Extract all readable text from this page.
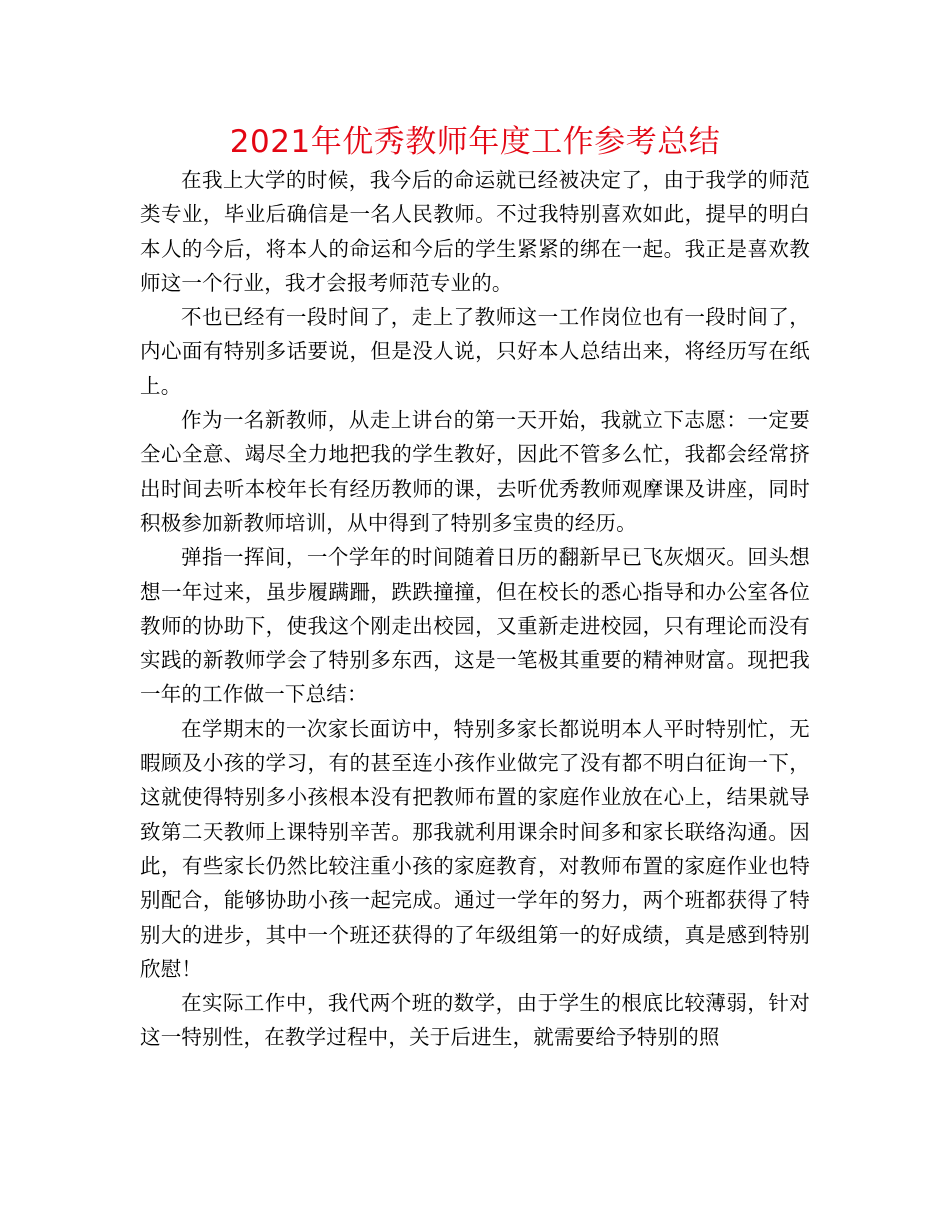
2021年优秀教师年度工作参考总结

在我上大学的时候，我今后的命运就已经被决定了，由于我学的师范类专业，毕业后确信是一名人民教师。不过我特别喜欢如此，提早的明白本人的今后，将本人的命运和今后的学生紧紧的绑在一起。我正是喜欢教师这一个行业，我才会报考师范专业的。

不也已经有一段时间了，走上了教师这一工作岗位也有一段时间了，内心面有特别多话要说，但是没人说，只好本人总结出来，将经历写在纸上。

作为一名新教师，从走上讲台的第一天开始，我就立下志愿：一定要全心全意、竭尽全力地把我的学生教好，因此不管多么忙，我都会经常挤出时间去听本校年长有经历教师的课，去听优秀教师观摩课及讲座，同时积极参加新教师培训，从中得到了特别多宝贵的经历。

弹指一挥间，一个学年的时间随着日历的翻新早已飞灰烟灭。回头想想一年过来，虽步履蹒跚，跌跌撞撞，但在校长的悉心指导和办公室各位教师的协助下，使我这个刚走出校园，又重新走进校园，只有理论而没有实践的新教师学会了特别多东西，这是一笔极其重要的精神财富。现把我一年的工作做一下总结：

在学期末的一次家长面访中，特别多家长都说明本人平时特别忙，无暇顾及小孩的学习，有的甚至连小孩作业做完了没有都不明白征询一下，这就使得特别多小孩根本没有把教师布置的家庭作业放在心上，结果就导致第二天教师上课特别辛苦。那我就利用课余时间多和家长联络沟通。因此，有些家长仍然比较注重小孩的家庭教育，对教师布置的家庭作业也特别配合，能够协助小孩一起完成。通过一学年的努力，两个班都获得了特别大的进步，其中一个班还获得的了年级组第一的好成绩，真是感到特别欣慰！

在实际工作中，我代两个班的数学，由于学生的根底比较薄弱，针对这一特别性，在教学过程中，关于后进生，就需要给予特别的照
